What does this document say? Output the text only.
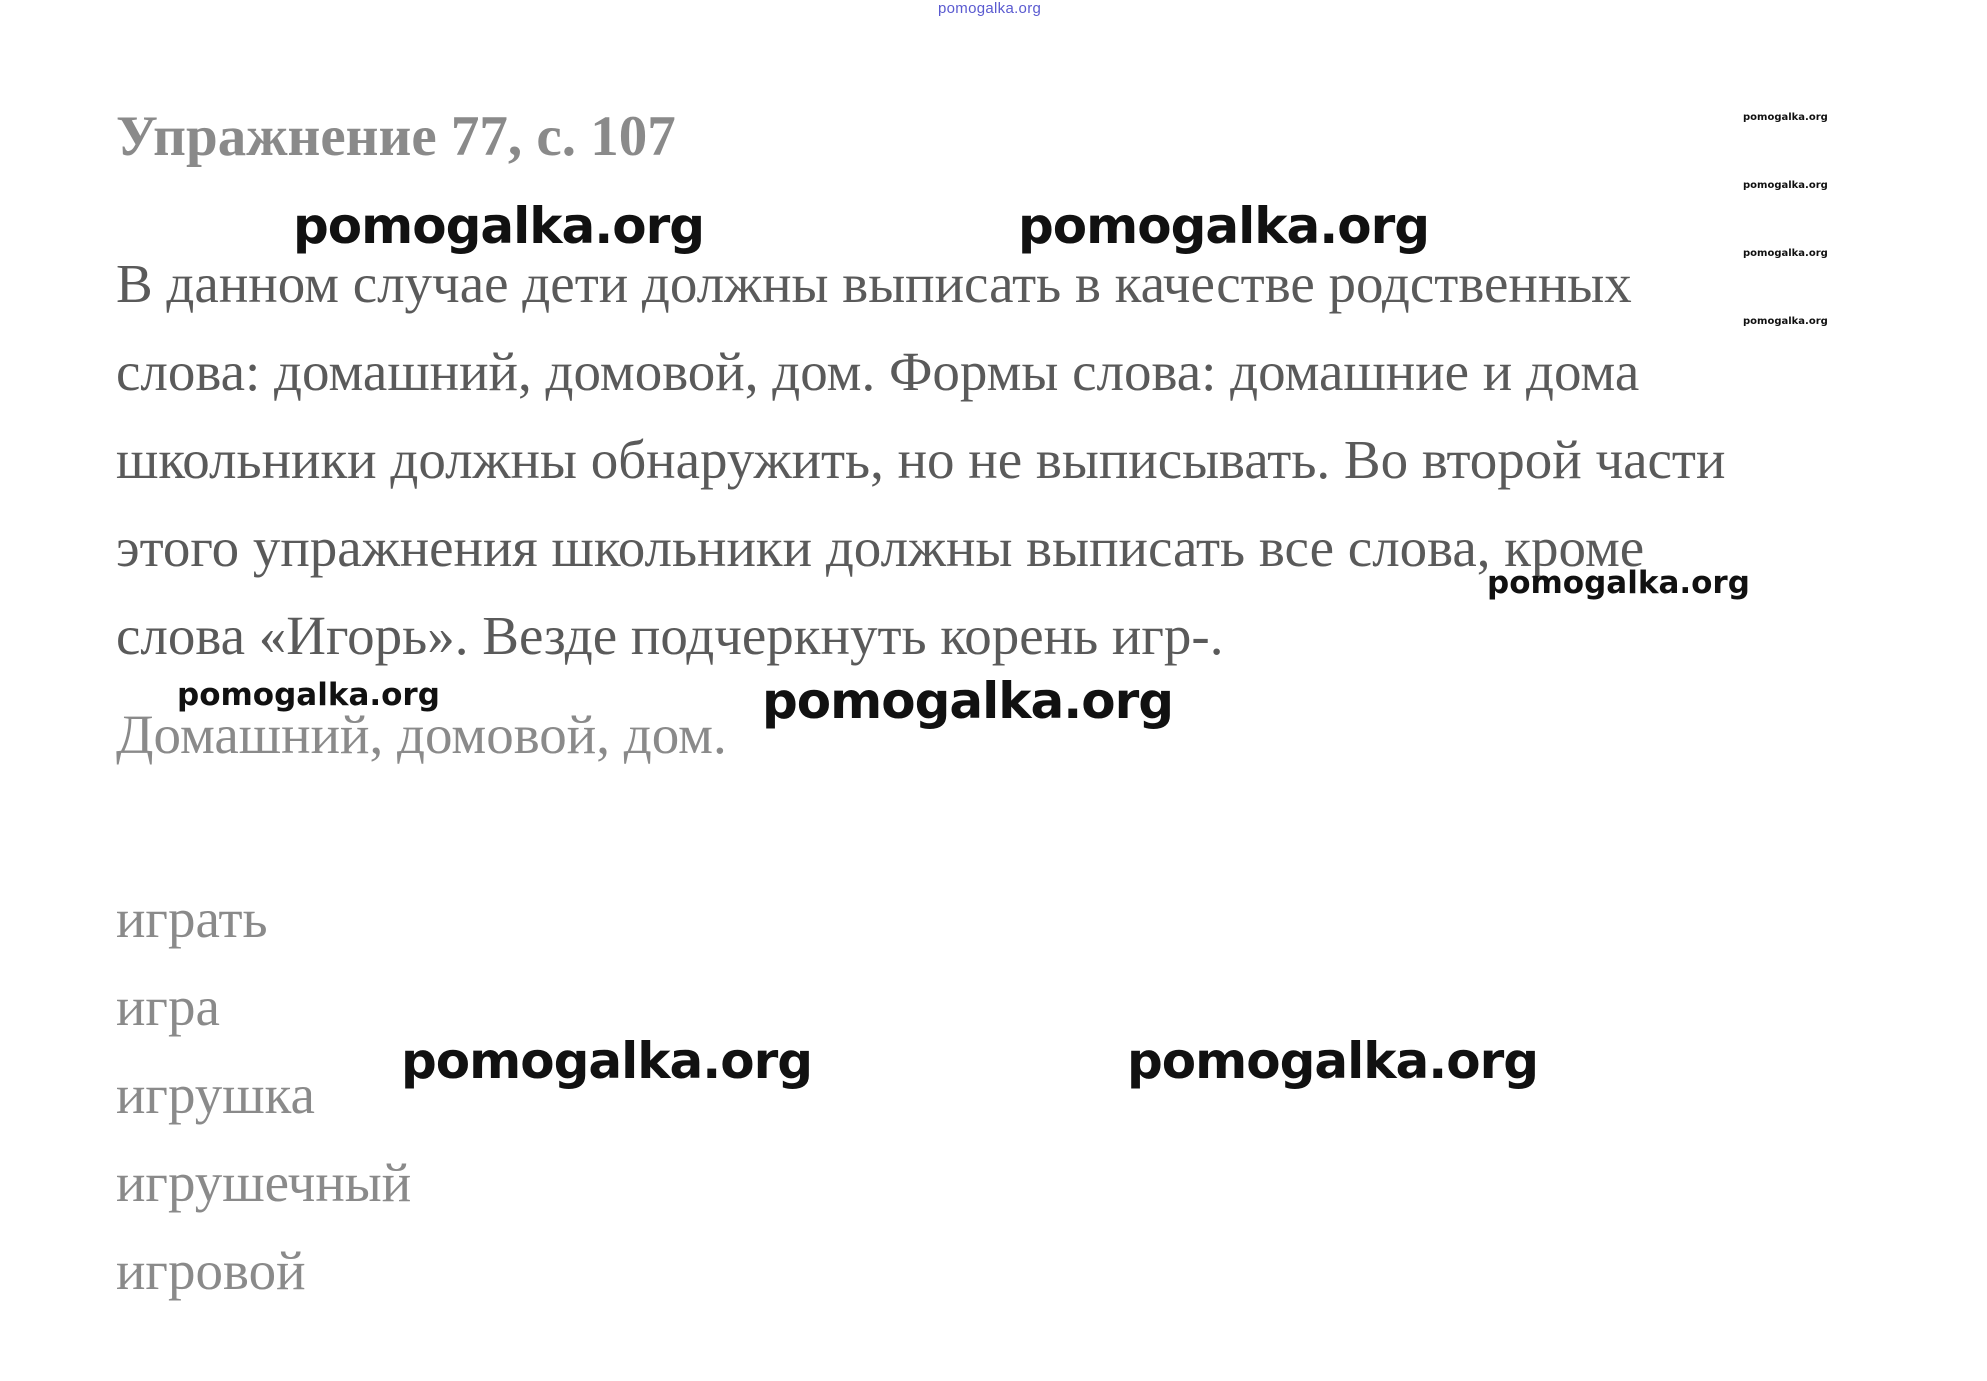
pomogalka.org
Упражнение 77, с. 107
В данном случае дети должны выписать в качестве родственных
слова: домашний, домовой, дом. Формы слова: домашние и дома
школьники должны обнаружить, но не выписывать. Во второй части
этого упражнения школьники должны выписать все слова, кроме
слова «Игорь». Везде подчеркнуть корень игр-.
Домашний, домовой, дом.
играть
игра
игрушка
игрушечный
игровой
pomogalka.org	pomogalka.org
pomogalka.org
pomogalka.org	pomogalka.org
pomogalka.org
pomogalka.org
pomogalka.org
pomogalka.org
pomogalka.org
pomogalka.org
